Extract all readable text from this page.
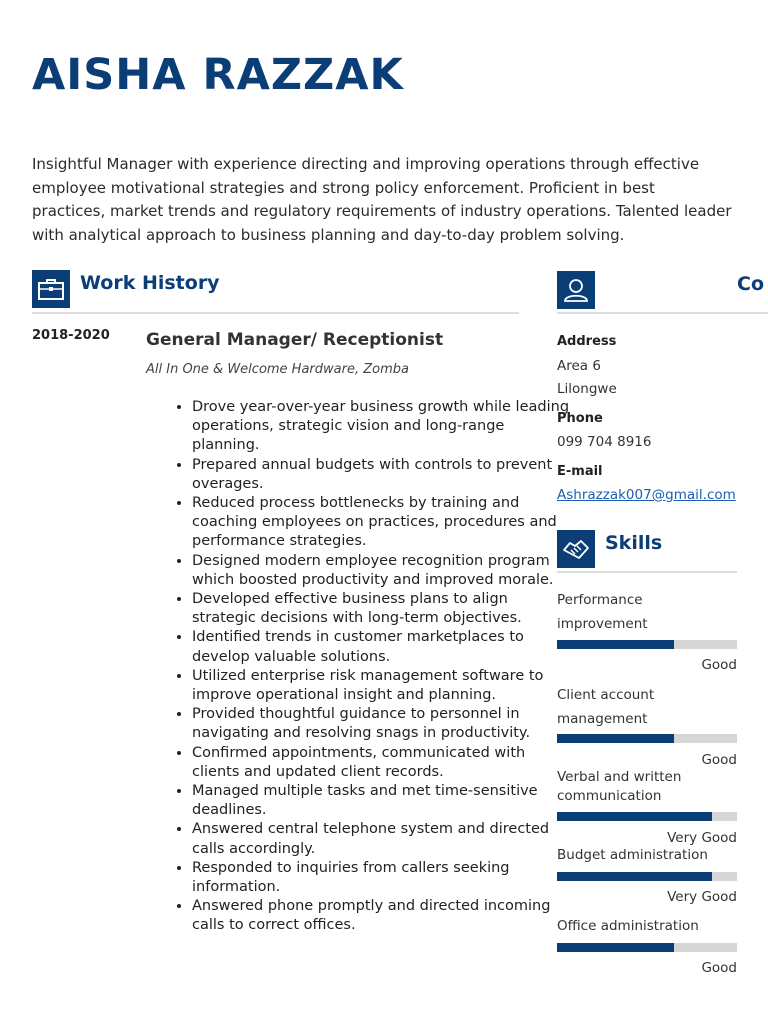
AISHA RAZZAK

Insightful Manager with experience directing and improving operations through effective employee motivational strategies and strong policy enforcement. Proficient in best practices, market trends and regulatory requirements of industry operations. Talented leader with analytical approach to business planning and day-to-day problem solving.

Work History

2018-2020 General Manager/ Receptionist

All In One & Welcome Hardware, Zomba

• Drove year-over-year business growth while leading operations, strategic vision and long-range planning.
• Prepared annual budgets with controls to prevent overages.
• Reduced process bottlenecks by training and coaching employees on practices, procedures and performance strategies.
• Designed modern employee recognition program which boosted productivity and improved morale.
• Developed effective business plans to align strategic decisions with long-term objectives.
• Identified trends in customer marketplaces to develop valuable solutions.
• Utilized enterprise risk management software to improve operational insight and planning.
• Provided thoughtful guidance to personnel in navigating and resolving snags in productivity.
• Confirmed appointments, communicated with clients and updated client records.
• Managed multiple tasks and met time-sensitive deadlines.
• Answered central telephone system and directed calls accordingly.
• Responded to inquiries from callers seeking information.
• Answered phone promptly and directed incoming calls to correct offices.
Co

Address

Area 6

Lilongwe

Phone

099 704 8916

E-mail

Ashrazzak007@gmail.com

Skills

Performance improvement

Good

Client account management

Good

Verbal and written communication

Very Good

Budget administration

Very Good

Office administration

Good
